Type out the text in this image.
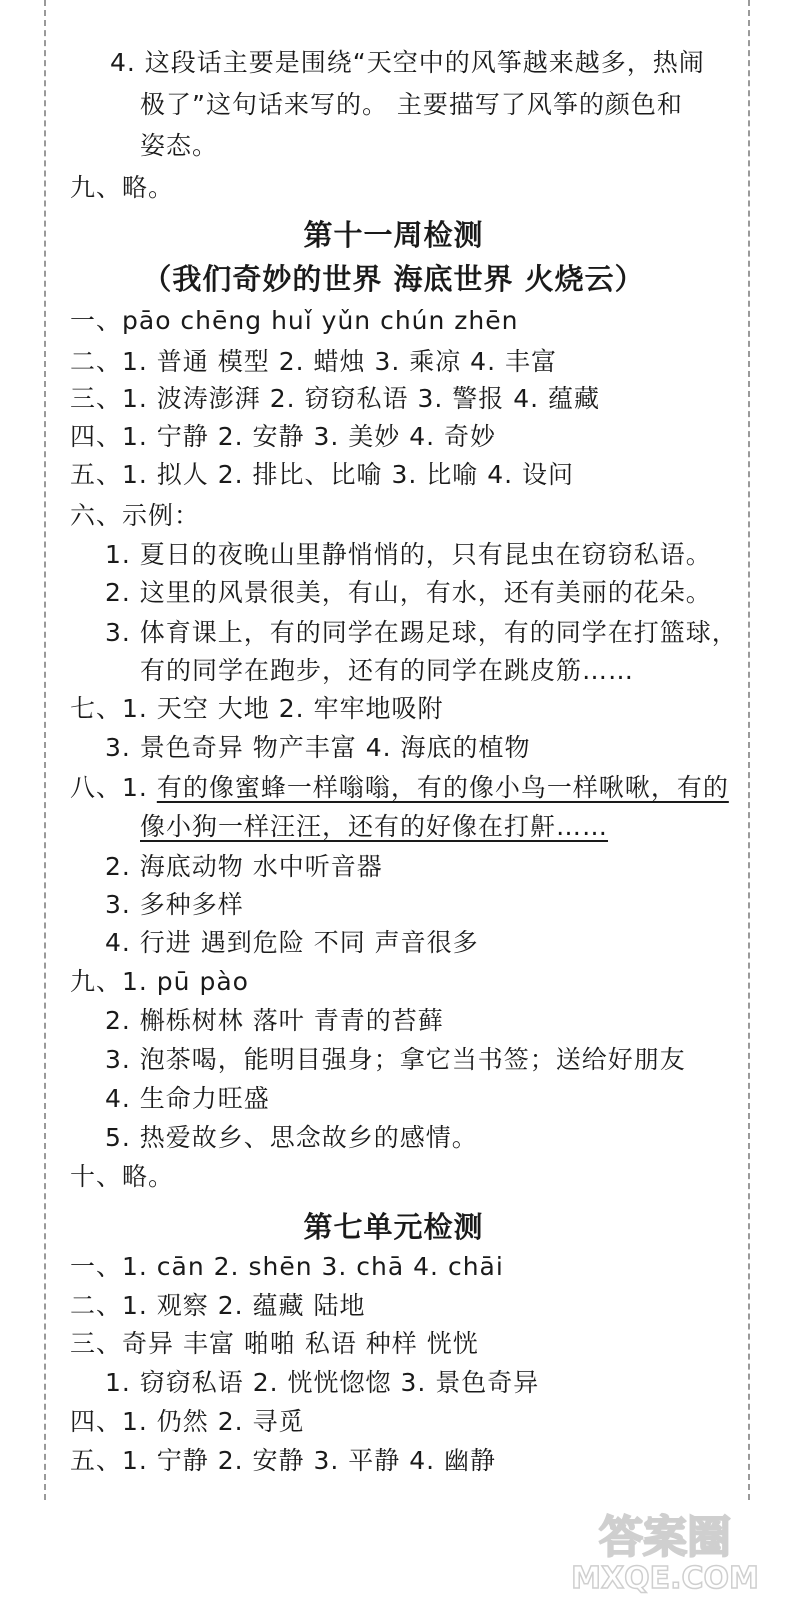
4. 这段话主要是围绕“天空中的风筝越来越多，热闹
极了”这句话来写的。 主要描写了风筝的颜色和
姿态。
九、略。
第十一周检测
（我们奇妙的世界 海底世界 火烧云）
一、pāo chēng huǐ yǔn chún zhēn
二、1. 普通 模型 2. 蜡烛 3. 乘凉 4. 丰富
三、1. 波涛澎湃 2. 窃窃私语 3. 警报 4. 蕴藏
四、1. 宁静 2. 安静 3. 美妙 4. 奇妙
五、1. 拟人 2. 排比、比喻 3. 比喻 4. 设问
六、示例：
1. 夏日的夜晚山里静悄悄的，只有昆虫在窃窃私语。
2. 这里的风景很美，有山，有水，还有美丽的花朵。
3. 体育课上，有的同学在踢足球，有的同学在打篮球，
有的同学在跑步，还有的同学在跳皮筋……
七、1. 天空 大地 2. 牢牢地吸附
3. 景色奇异 物产丰富 4. 海底的植物
八、1. 有的像蜜蜂一样嗡嗡，有的像小鸟一样啾啾，有的
像小狗一样汪汪，还有的好像在打鼾……
2. 海底动物 水中听音器
3. 多种多样
4. 行进 遇到危险 不同 声音很多
九、1. pū pào
2. 槲栎树林 落叶 青青的苔藓
3. 泡茶喝，能明目强身；拿它当书签；送给好朋友
4. 生命力旺盛
5. 热爱故乡、思念故乡的感情。
十、略。
第七单元检测
一、1. cān 2. shēn 3. chā 4. chāi
二、1. 观察 2. 蕴藏 陆地
三、奇异 丰富 啪啪 私语 种样 恍恍
1. 窃窃私语 2. 恍恍惚惚 3. 景色奇异
四、1. 仍然 2. 寻觅
五、1. 宁静 2. 安静 3. 平静 4. 幽静
答案圈
MXQE.COM
